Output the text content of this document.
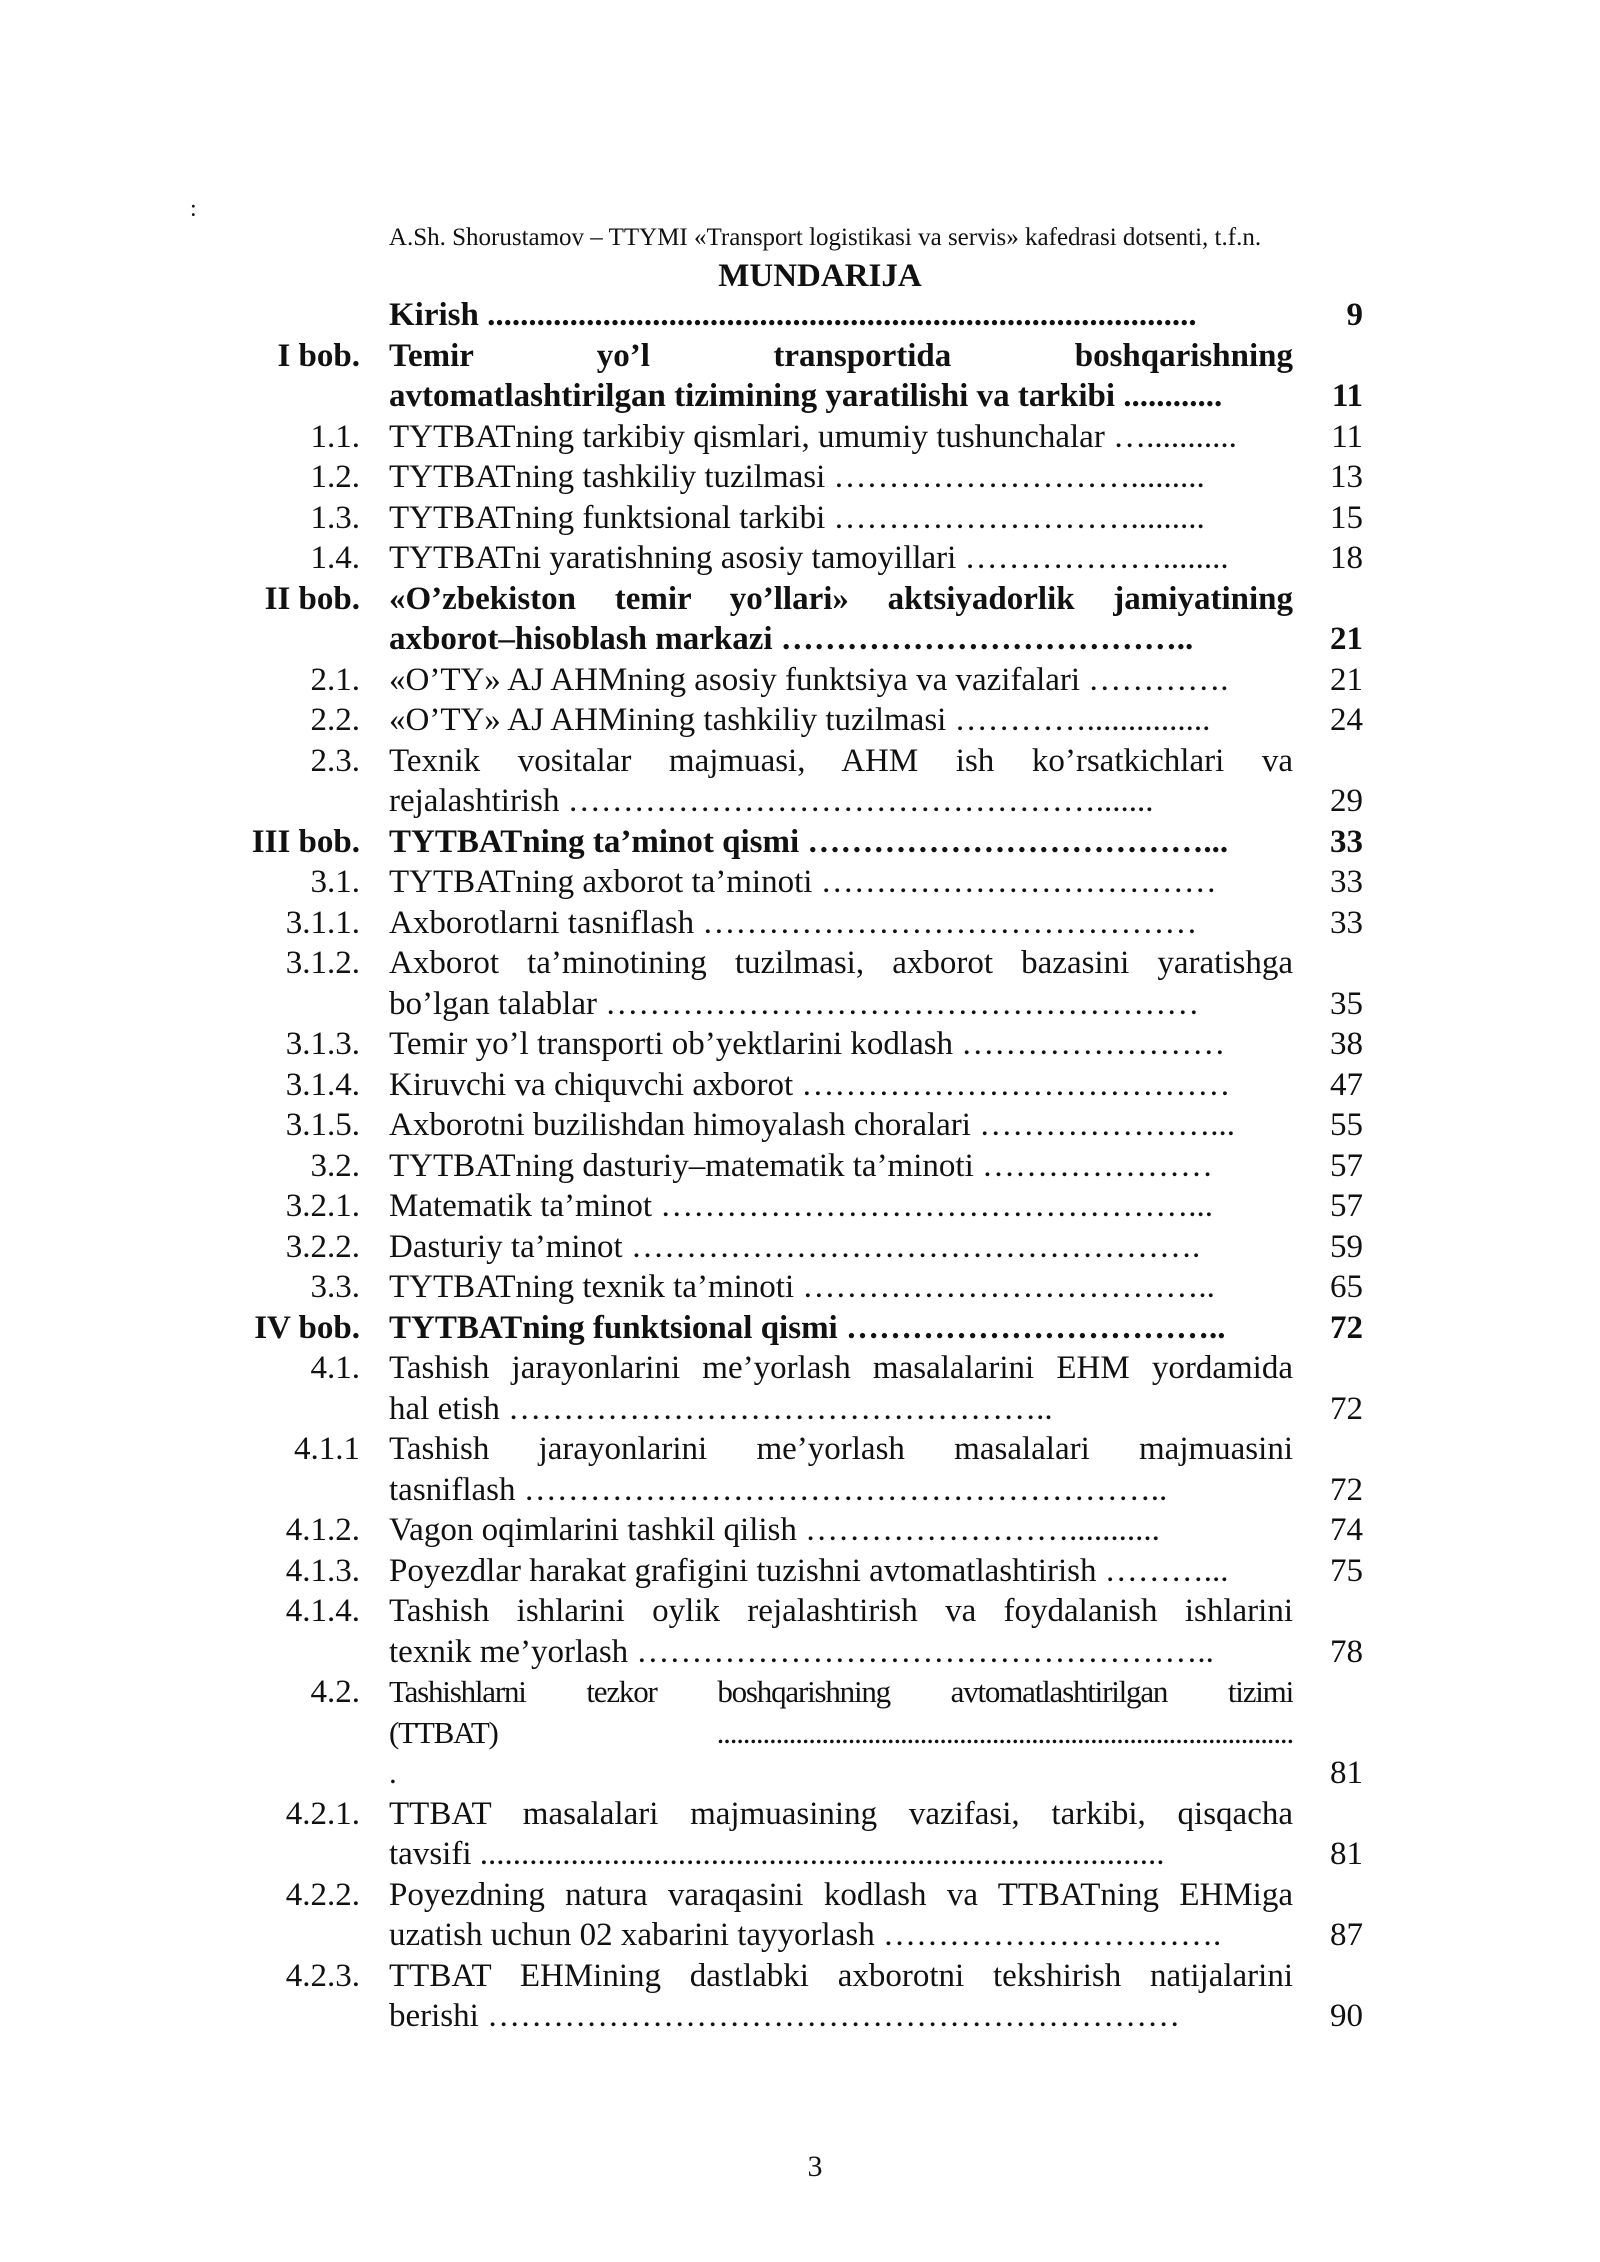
:
A.Sh. Shorustamov – TTYMI «Transport logistikasi va servis» kafedrasi dotsenti, t.f.n.
MUNDARIJA
Kirish ......................................................................................	9
I bob. Temir yo’l transportida boshqarishning
avtomatlashtirilgan tizimining yaratilishi va tarkibi ............	11
1.1. TYTBATning tarkibiy qismlari, umumiy tushunchalar …...........	11
1.2. TYTBATning tashkiliy tuzilmasi ……………………….........	13
1.3. TYTBATning funktsional tarkibi ……………………….........	15
1.4. TYTBATni yaratishning asosiy tamoyillari ………………........	18
II bob. «O’zbekiston temir yo’llari» aktsiyadorlik jamiyatining
axborot–hisoblash markazi ………………………………..	21
2.1. «O’TY» AJ AHMning asosiy funktsiya va vazifalari ………….	21
2.2. «O’TY» AJ AHMining tashkiliy tuzilmasi …………...............	24
2.3. Texnik vositalar majmuasi, AHM ish ko’rsatkichlari va
rejalashtirish ………………………………………….......	29
III bob. TYTBATning ta’minot qismi ………………………………...	33
3.1. TYTBATning axborot ta’minoti ………………………………	33
3.1.1. Axborotlarni tasniflash ………………………………………	33
3.1.2. Axborot ta’minotining tuzilmasi, axborot bazasini yaratishga
bo’lgan talablar ………………………………………………	35
3.1.3. Temir yo’l transporti ob’yektlarini kodlash ……………………	38
3.1.4. Kiruvchi va chiquvchi axborot …………………………………	47
3.1.5. Axborotni buzilishdan himoyalash choralari …………………...	55
3.2. TYTBATning dasturiy–matematik ta’minoti …………………	57
3.2.1. Matematik ta’minot …………………………………………...	57
3.2.2. Dasturiy ta’minot …………………………………………….	59
3.3. TYTBATning texnik ta’minoti ………………………………..	65
IV bob. TYTBATning funktsional qismi ……………………………..	72
4.1. Tashish jarayonlarini me’yorlash masalalarini EHM yordamida
hal etish …………………………………………..	72
4.1.1 Tashish jarayonlarini me’yorlash masalalari majmuasini
tasniflash …………………………………………………..	72
4.1.2. Vagon oqimlarini tashkil qilish ……………………...........	74
4.1.3. Poyezdlar harakat grafigini tuzishni avtomatlashtirish ………...	75
4.1.4. Tashish ishlarini oylik rejalashtirish va foydalanish ishlarini
texnik me’yorlash ……………………………………………..	78
4.2. Tashishlarni tezkor boshqarishning avtomatlashtirilgan tizimi
(TTBAT) ........................................................................................
.	81
4.2.1. TTBAT masalalari majmuasining vazifasi, tarkibi, qisqacha
tavsifi ...................................................................................	81
4.2.2. Poyezdning natura varaqasini kodlash va TTBATning EHMiga
uzatish uchun 02 xabarini tayyorlash ………………………….	87
4.2.3. TTBAT EHMining dastlabki axborotni tekshirish natijalarini
berishi ………………………………………………………	90
3
